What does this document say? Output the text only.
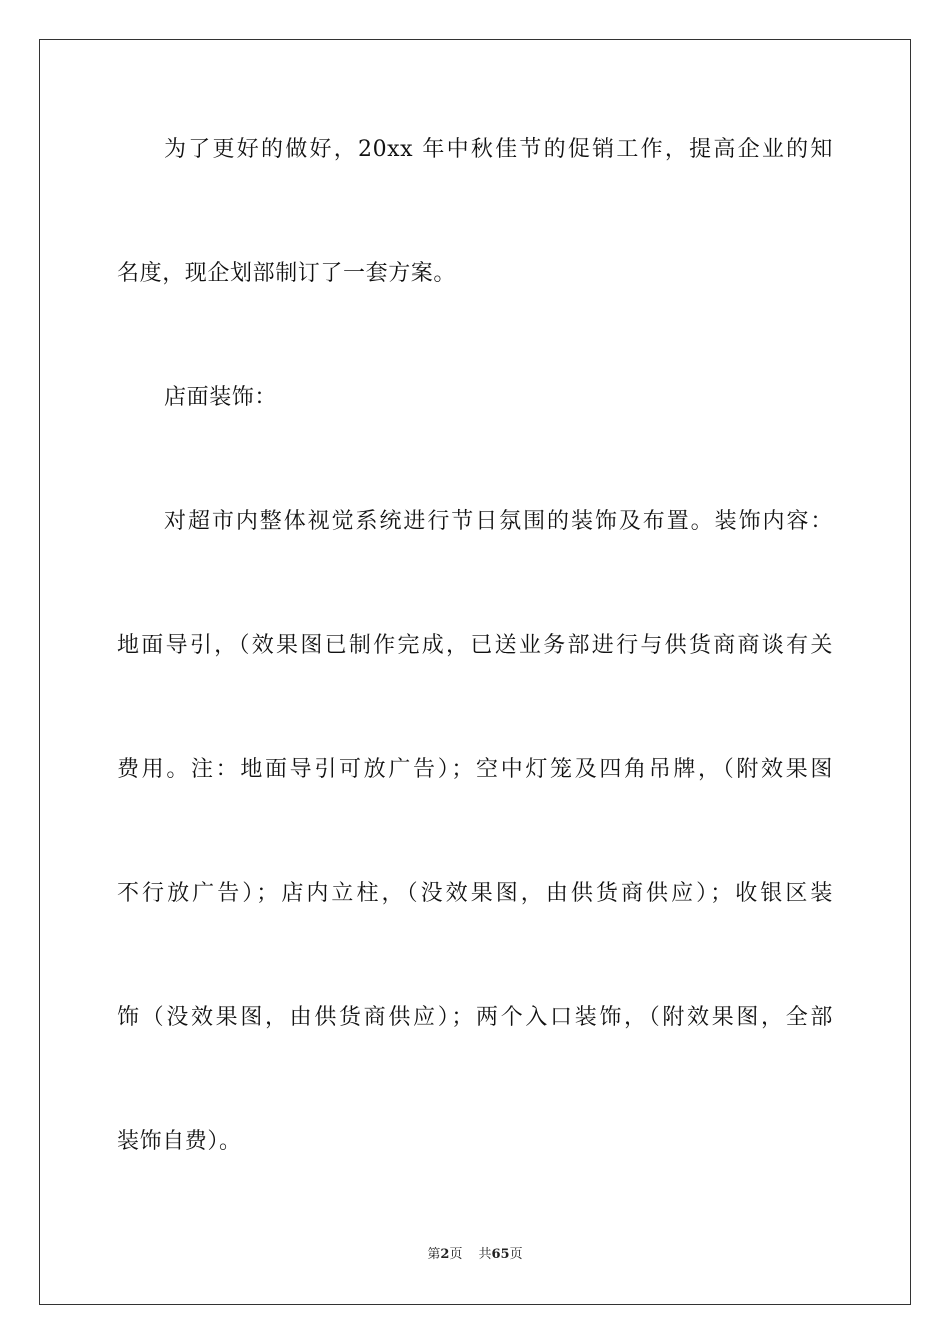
为了更好的做好，20xx 年中秋佳节的促销工作，提高企业的知
名度，现企划部制订了一套方案。
店面装饰：
对超市内整体视觉系统进行节日氛围的装饰及布置。装饰内容：
地面导引，（效果图已制作完成，已送业务部进行与供货商商谈有关
费用。注：地面导引可放广告）；空中灯笼及四角吊牌，（附效果图
不行放广告）；店内立柱，（没效果图，由供货商供应）；收银区装
饰（没效果图，由供货商供应）；两个入口装饰，（附效果图，全部
装饰自费）。
第2页 共65页
